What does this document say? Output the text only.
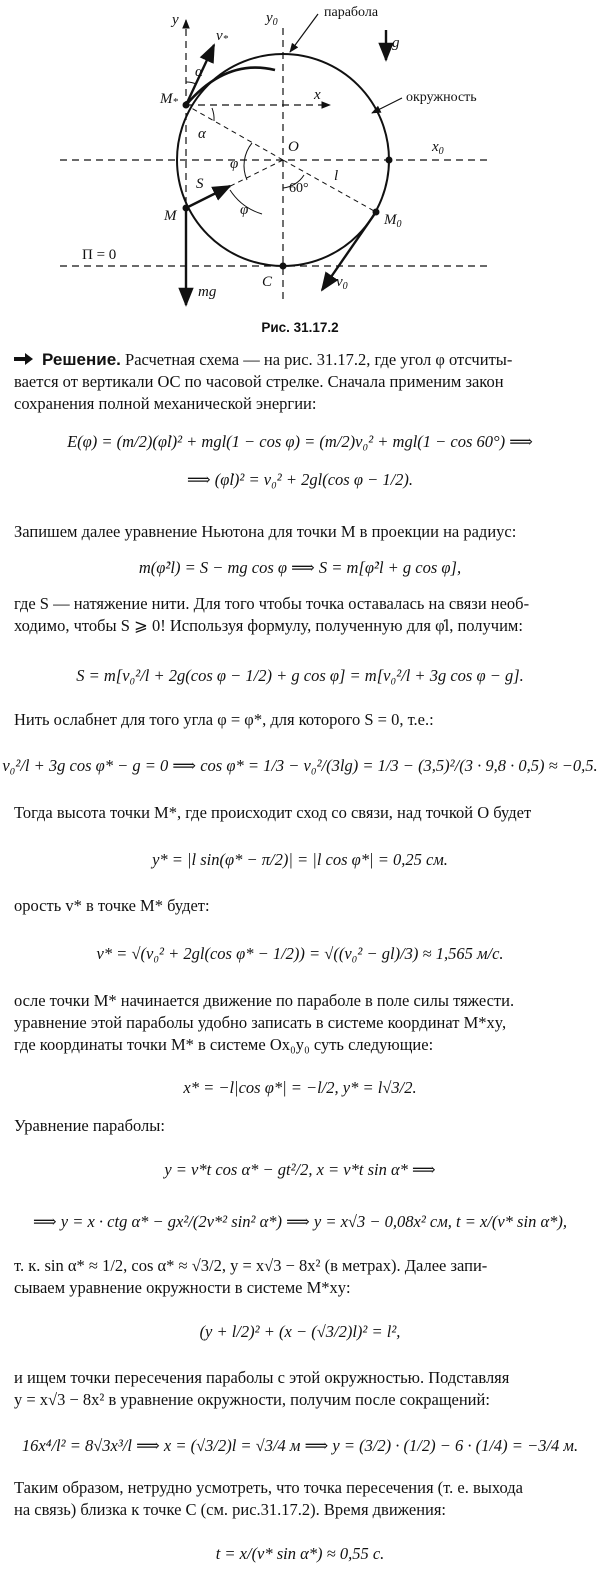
y	$y_0$
x
$x_0$
O
M*
M	$M_0$
C
v*
$v_0$
S
g
mg
α
α
φ
φ
l
Π = 0
парабола
окружность
60°
Рис. 31.17.2
Решение. Расчетная схема — на рис. 31.17.2, где угол φ отсчиты-
вается от вертикали OC по часовой стрелке. Сначала применим закон
сохранения полной механической энергии:
E(φ) = (m/2)(φ̇l)² + mgl(1 − cos φ) = (m/2)v₀² + mgl(1 − cos 60°) ⟹
⟹ (φ̇l)² = v₀² + 2gl(cos φ − 1/2).
Запишем далее уравнение Ньютона для точки M в проекции на радиус:
m(φ̇²l) = S − mg cos φ ⟹ S = m[φ̇²l + g cos φ],
где S — натяжение нити. Для того чтобы точка оставалась на связи необ-
ходимо, чтобы S ⩾ 0! Используя формулу, полученную для φ̇l, получим:
S = m[v₀²/l + 2g(cos φ − 1/2) + g cos φ] = m[v₀²/l + 3g cos φ − g].
Нить ослабнет для того угла φ = φ*, для которого S = 0, т.е.:
v₀²/l + 3g cos φ* − g = 0 ⟹ cos φ* = 1/3 − v₀²/(3lg) = 1/3 − (3,5)²/(3 · 9,8 · 0,5) ≈ −0,5.
Тогда высота точки M*, где происходит сход со связи, над точкой O будет
y* = |l sin(φ* − π/2)| = |l cos φ*| = 0,25 см.
орость v* в точке M* будет:
v* = √(v₀² + 2gl(cos φ* − 1/2)) = √((v₀² − gl)/3) ≈ 1,565 м/с.
осле точки M* начинается движение по параболе в поле силы тяжести.
уравнение этой параболы удобно записать в системе координат M*xy,
где координаты точки M* в системе Ox₀y₀ суть следующие:
x* = −l|cos φ*| = −l/2, y* = l√3/2.
Уравнение параболы:
y = v*t cos α* − gt²/2, x = v*t sin α* ⟹
⟹ y = x · ctg α* − gx²/(2v*² sin² α*) ⟹ y = x√3 − 0,08x² см, t = x/(v* sin α*),
т. к. sin α* ≈ 1/2, cos α* ≈ √3/2, y = x√3 − 8x² (в метрах). Далее запи-
сываем уравнение окружности в системе M*xy:
(y + l/2)² + (x − (√3/2)l)² = l²,
и ищем точки пересечения параболы с этой окружностью. Подставляя
y = x√3 − 8x² в уравнение окружности, получим после сокращений:
16x⁴/l² = 8√3x³/l ⟹ x = (√3/2)l = √3/4 м ⟹ y = (3/2) · (1/2) − 6 · (1/4) = −3/4 м.
Таким образом, нетрудно усмотреть, что точка пересечения (т. е. выхода
на связь) близка к точке C (см. рис.31.17.2). Время движения:
t = x/(v* sin α*) ≈ 0,55 с.
